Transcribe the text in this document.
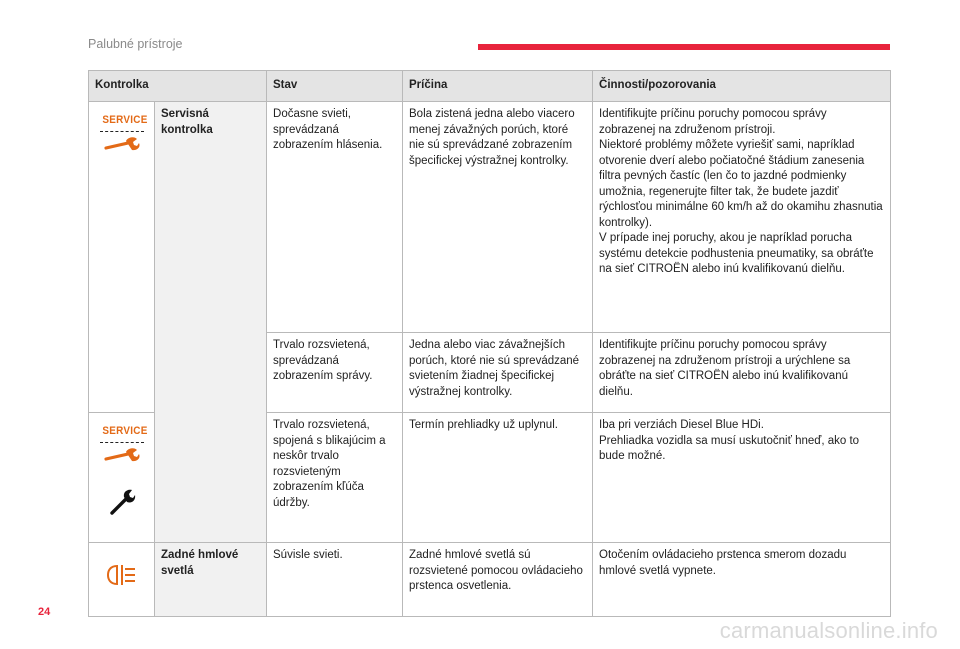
Palubné prístroje
Kontrolka		Stav	Príčina	Činnosti/pozorovania

SERVICE	Servisná kontrolka	Dočasne svieti, sprevádzaná zobrazením hlásenia.	Bola zistená jedna alebo viacero menej závažných porúch, ktoré nie sú sprevádzané zobrazením špecifickej výstražnej kontrolky.	Identifikujte príčinu poruchy pomocou správy zobrazenej na združenom prístroji.
Niektoré problémy môžete vyriešiť sami, napríklad otvorenie dverí alebo počiatočné štádium zanesenia filtra pevných častíc (len čo to jazdné podmienky umožnia, regenerujte filter tak, že budete jazdiť rýchlosťou minimálne 60 km/h až do okamihu zhasnutia kontrolky).
V prípade inej poruchy, akou je napríklad porucha systému detekcie podhustenia pneumatiky, sa obráťte na sieť CITROËN alebo inú kvalifikovanú dielňu.
		Trvalo rozsvietená, sprevádzaná zobrazením správy.	Jedna alebo viac závažnejších porúch, ktoré nie sú sprevádzané svietením žiadnej špecifickej výstražnej kontrolky.	Identifikujte príčinu poruchy pomocou správy zobrazenej na združenom prístroji a urýchlene sa obráťte na sieť CITROËN alebo inú kvalifikovanú dielňu.

SERVICE		Trvalo rozsvietená, spojená s blikajúcim a neskôr trvalo rozsvieteným zobrazením kľúča údržby.	Termín prehliadky už uplynul.	Iba pri verziách Diesel Blue HDi.
Prehliadka vozidla sa musí uskutočniť hneď, ako to bude možné.

	Zadné hmlové svetlá	Súvisle svieti.	Zadné hmlové svetlá sú rozsvietené pomocou ovládacieho prstenca osvetlenia.	Otočením ovládacieho prstenca smerom dozadu hmlové svetlá vypnete.
24
carmanualsonline.info
